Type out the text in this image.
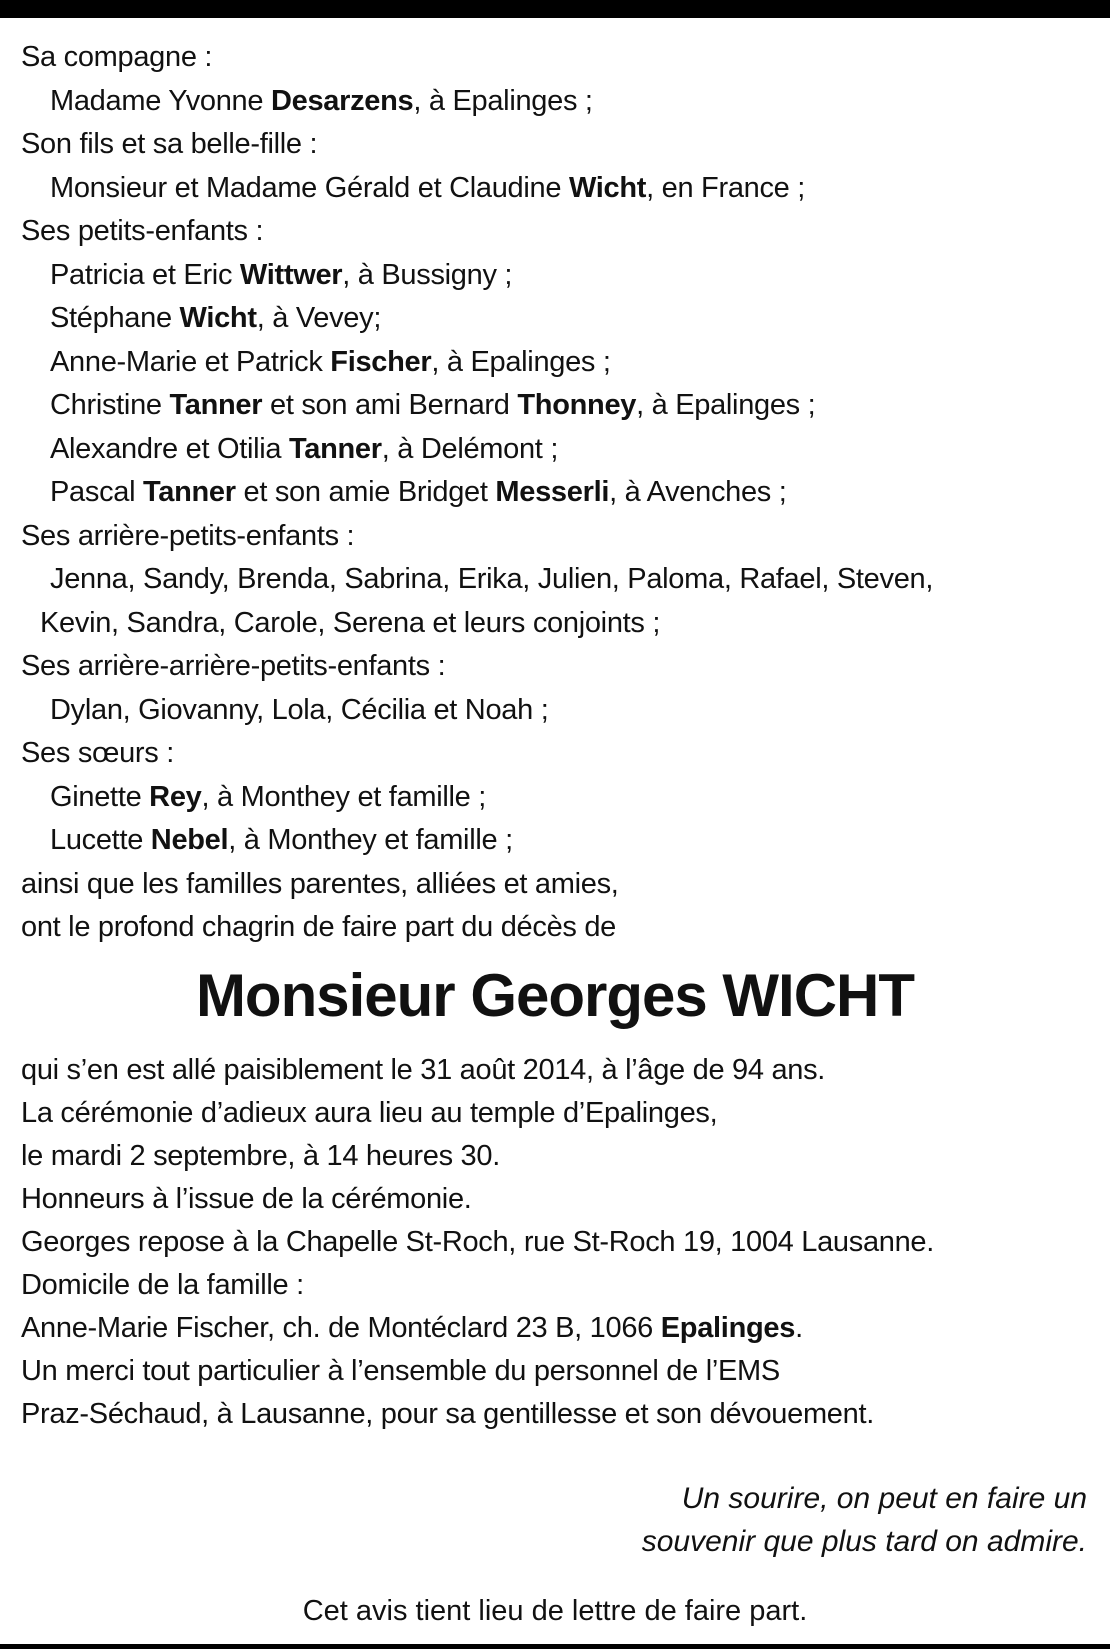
Sa compagne :
Madame Yvonne Desarzens, à Epalinges ;
Son fils et sa belle-fille :
Monsieur et Madame Gérald et Claudine Wicht, en France ;
Ses petits-enfants :
Patricia et Eric Wittwer, à Bussigny ;
Stéphane Wicht, à Vevey;
Anne-Marie et Patrick Fischer, à Epalinges ;
Christine Tanner et son ami Bernard Thonney, à Epalinges ;
Alexandre et Otilia Tanner, à Delémont ;
Pascal Tanner et son amie Bridget Messerli, à Avenches ;
Ses arrière-petits-enfants :
Jenna, Sandy, Brenda, Sabrina, Erika, Julien, Paloma, Rafael, Steven,
Kevin, Sandra, Carole, Serena et leurs conjoints ;
Ses arrière-arrière-petits-enfants :
Dylan, Giovanny, Lola, Cécilia et Noah ;
Ses sœurs :
Ginette Rey, à Monthey et famille ;
Lucette Nebel, à Monthey et famille ;
ainsi que les familles parentes, alliées et amies,
ont le profond chagrin de faire part du décès de
Monsieur Georges WICHT
qui s’en est allé paisiblement le 31 août 2014, à l’âge de 94 ans.
La cérémonie d’adieux aura lieu au temple d’Epalinges,
le mardi 2 septembre, à 14 heures 30.
Honneurs à l’issue de la cérémonie.
Georges repose à la Chapelle St-Roch, rue St-Roch 19, 1004 Lausanne.
Domicile de la famille :
Anne-Marie Fischer, ch. de Montéclard 23 B, 1066 Epalinges.
Un merci tout particulier à l’ensemble du personnel de l’EMS
Praz-Séchaud, à Lausanne, pour sa gentillesse et son dévouement.
Un sourire, on peut en faire un
souvenir que plus tard on admire.
Cet avis tient lieu de lettre de faire part.
